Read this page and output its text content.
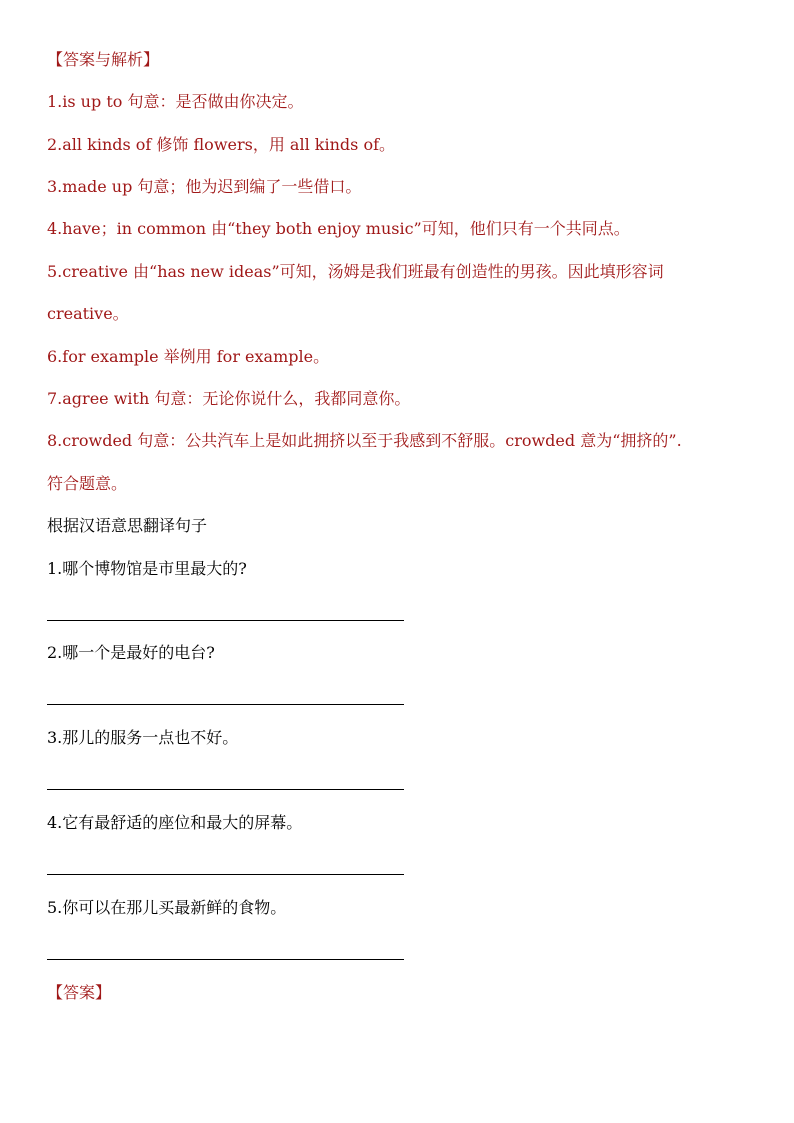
【答案与解析】
1.is up to 句意：是否做由你决定。
2.all kinds of 修饰 flowers，用 all kinds of。
3.made up 句意；他为迟到编了一些借口。
4.have；in common 由“they both enjoy music”可知，他们只有一个共同点。
5.creative 由“has new ideas”可知，汤姆是我们班最有创造性的男孩。因此填形容词
creative。
6.for example 举例用 for example。
7.agree with 句意：无论你说什么，我都同意你。
8.crowded 句意：公共汽车上是如此拥挤以至于我感到不舒服。crowded 意为“拥挤的”.
符合题意。
根据汉语意思翻译句子
1.哪个博物馆是市里最大的?
2.哪一个是最好的电台?
3.那儿的服务一点也不好。
4.它有最舒适的座位和最大的屏幕。
5.你可以在那儿买最新鲜的食物。
【答案】
